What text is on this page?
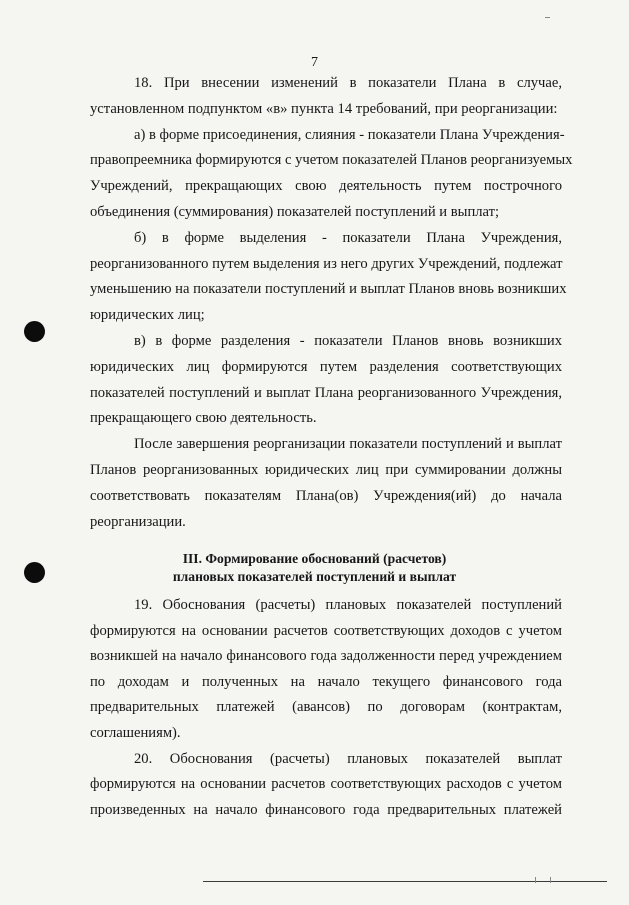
7
18. При внесении изменений в показатели Плана в случае,
установленном подпунктом «в» пункта 14 требований, при реорганизации:
а) в форме присоединения, слияния - показатели Плана Учреждения-
правопреемника формируются с учетом показателей Планов реорганизуемых
Учреждений, прекращающих свою деятельность путем построчного
объединения (суммирования) показателей поступлений и выплат;
б) в форме выделения - показатели Плана Учреждения,
реорганизованного путем выделения из него других Учреждений, подлежат
уменьшению на показатели поступлений и выплат Планов вновь возникших
юридических лиц;
в) в форме разделения - показатели Планов вновь возникших
юридических лиц формируются путем разделения соответствующих
показателей поступлений и выплат Плана реорганизованного Учреждения,
прекращающего свою деятельность.
После завершения реорганизации показатели поступлений и выплат
Планов реорганизованных юридических лиц при суммировании должны
соответствовать показателям Плана(ов) Учреждения(ий) до начала
реорганизации.
III. Формирование обоснований (расчетов)
плановых показателей поступлений и выплат
19. Обоснования (расчеты) плановых показателей поступлений
формируются на основании расчетов соответствующих доходов с учетом
возникшей на начало финансового года задолженности перед учреждением
по доходам и полученных на начало текущего финансового года
предварительных платежей (авансов) по договорам (контрактам,
соглашениям).
20. Обоснования (расчеты) плановых показателей выплат
формируются на основании расчетов соответствующих расходов с учетом
произведенных на начало финансового года предварительных платежей
